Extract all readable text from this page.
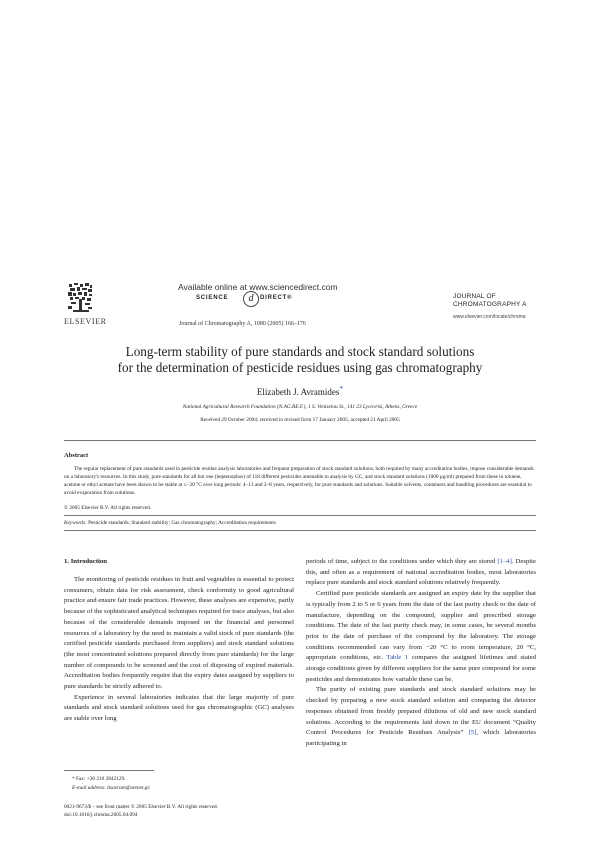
ELSEVIER
Available online at www.sciencedirect.com
SCIENCE	d	DIRECT®
Journal of Chromatography A, 1080 (2005) 166–176
JOURNAL OF
CHROMATOGRAPHY A
www.elsevier.com/locate/chroma
Long-term stability of pure standards and stock standard solutions
for the determination of pesticide residues using gas chromatography
Elizabeth J. Avramides*
National Agricultural Research Foundation (N.AG.RE.F.), 1 S. Venizelou St., 141 23 Lycovrisi, Athens, Greece
Received 29 October 2004; received in revised form 17 January 2005; accepted 21 April 2005
Abstract
The regular replacement of pure standards used in pesticide residue analysis laboratories and frequent preparation of stock standard solutions, both required by many accreditation bodies, impose considerable demands on a laboratory's resources. In this study, pure standards for all but one (heptenophos) of 118 different pesticides amenable to analysis by GC, and stock standard solutions (1000 μg/ml) prepared from these in toluene, acetone or ethyl acetate have been shown to be stable at ≤−20 °C over long periods: 4–13 and 2–8 years, respectively, for pure standards and solutions. Suitable solvents, containers and handling procedures are essential to avoid evaporation from solutions.
© 2005 Elsevier B.V. All rights reserved.
Keywords: Pesticide standards; Standard stability; Gas chromatography; Accreditation requirements
1. Introduction

The monitoring of pesticide residues in fruit and vegetables is essential to protect consumers, obtain data for risk assessment, check conformity to good agricultural practice and ensure fair trade practices. However, these analyses are expensive, partly because of the sophisticated analytical techniques required for trace analyses, but also because of the considerable demands imposed on the financial and personnel resources of a laboratory by the need to maintain a valid stock of pure standards (the certified pesticide standards purchased from suppliers) and stock standard solutions (the most concentrated solutions prepared directly from pure standards) for the large number of compounds to be screened and the cost of disposing of expired materials. Accreditation bodies frequently require that the expiry dates assigned by suppliers to pure standards be strictly adhered to.

Experience in several laboratories indicates that the large majority of pure standards and stock standard solutions used for gas chromatographic (GC) analyses are stable over long

periods of time, subject to the conditions under which they are stored [1–4]. Despite this, and often as a requirement of national accreditation bodies, most laboratories replace pure standards and stock standard solutions relatively frequently.

Certified pure pesticide standards are assigned an expiry date by the supplier that is typically from 2 to 5 or 6 years from the date of the last purity check or the date of manufacture, depending on the compound, supplier and prescribed storage conditions. The date of the last purity check may, in some cases, be several months prior to the date of purchase of the compound by the laboratory. The storage conditions recommended can vary from −20 °C to room temperature, 20 °C, appropriate conditions, etc. Table 1 compares the assigned lifetimes and stated storage conditions given by different suppliers for the same pure compound for some pesticides and demonstrates how variable these can be.

The purity of existing pure standards and stock standard solutions may be checked by preparing a new stock standard solution and comparing the detector responses obtained from freshly prepared dilutions of old and new stock standard solutions. According to the requirements laid down in the EU document “Quality Control Procedures for Pesticide Residues Analysis” [5], which laboratories participating in

* Fax: +30 210 2842129.
E-mail address: lisavram@otenet.gr.
0021-9673/$ – see front matter © 2005 Elsevier B.V. All rights reserved.
doi:10.1016/j.chroma.2005.04.094
